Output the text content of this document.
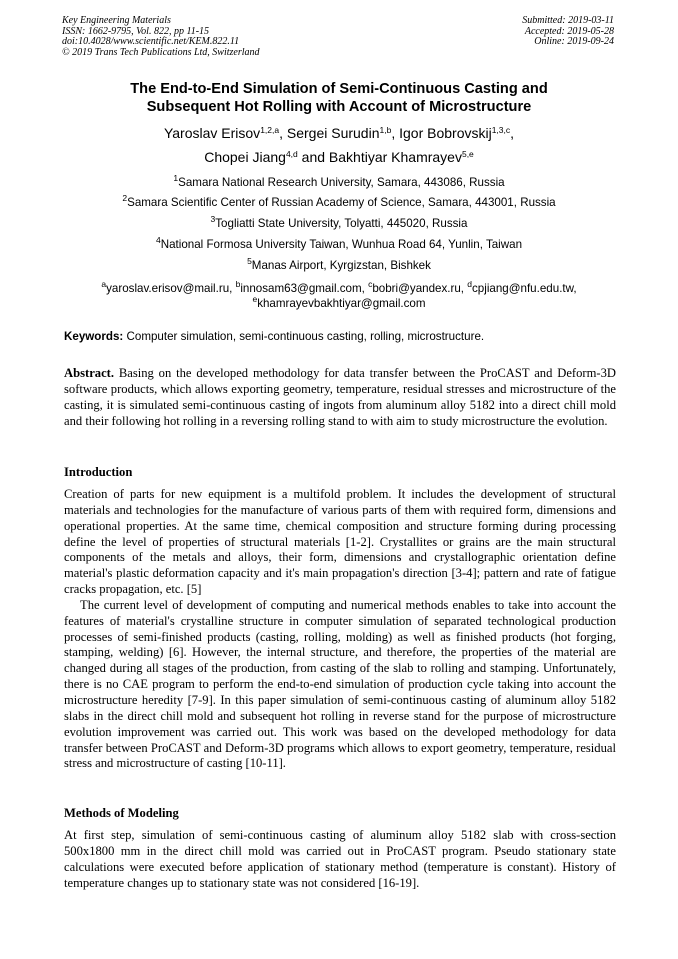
Key Engineering Materials
ISSN: 1662-9795, Vol. 822, pp 11-15
doi:10.4028/www.scientific.net/KEM.822.11
© 2019 Trans Tech Publications Ltd, Switzerland
Submitted: 2019-03-11
Accepted: 2019-05-28
Online: 2019-09-24
The End-to-End Simulation of Semi-Continuous Casting and
Subsequent Hot Rolling with Account of Microstructure
Yaroslav Erisov$^{1,2,a}$, Sergei Surudin$^{1,b}$, Igor Bobrovskij$^{1,3,c}$,
Chopei Jiang$^{4,d}$ and Bakhtiyar Khamrayev$^{5,e}$
$^1$Samara National Research University, Samara, 443086, Russia
$^2$Samara Scientific Center of Russian Academy of Science, Samara, 443001, Russia
$^3$Togliatti State University, Tolyatti, 445020, Russia
$^4$National Formosa University Taiwan, Wunhua Road 64, Yunlin, Taiwan
$^5$Manas Airport, Kyrgizstan, Bishkek
$^a$yaroslav.erisov@mail.ru, $^b$innosam63@gmail.com, $^c$bobri@yandex.ru, $^d$cpjiang@nfu.edu.tw,
$^e$khamrayevbakhtiyar@gmail.com
Keywords: Computer simulation, semi-continuous casting, rolling, microstructure.

Abstract. Basing on the developed methodology for data transfer between the ProCAST and Deform-3D software products, which allows exporting geometry, temperature, residual stresses and microstructure of the casting, it is simulated semi-continuous casting of ingots from aluminum alloy 5182 into a direct chill mold and their following hot rolling in a reversing rolling stand to with aim to study microstructure the evolution.

Introduction

Creation of parts for new equipment is a multifold problem. It includes the development of structural materials and technologies for the manufacture of various parts of them with required form, dimensions and operational properties. At the same time, chemical composition and structure forming during processing define the level of properties of structural materials [1-2]. Crystallites or grains are the main structural components of the metals and alloys, their form, dimensions and crystallographic orientation define material's plastic deformation capacity and it's main propagation's direction [3-4]; pattern and rate of fatigue cracks propagation, etc. [5]

The current level of development of computing and numerical methods enables to take into account the features of material's crystalline structure in computer simulation of separated technological production processes of semi-finished products (casting, rolling, molding) as well as finished products (hot forging, stamping, welding) [6]. However, the internal structure, and therefore, the properties of the material are changed during all stages of the production, from casting of the slab to rolling and stamping. Unfortunately, there is no CAE program to perform the end-to-end simulation of production cycle taking into account the microstructure heredity [7-9]. In this paper simulation of semi-continuous casting of aluminum alloy 5182 slabs in the direct chill mold and subsequent hot rolling in reverse stand for the purpose of microstructure evolution improvement was carried out. This work was based on the developed methodology for data transfer between ProCAST and Deform-3D programs which allows to export geometry, temperature, residual stress and microstructure of casting [10-11].

Methods of Modeling

At first step, simulation of semi-continuous casting of aluminum alloy 5182 slab with cross-section 500x1800 mm in the direct chill mold was carried out in ProCAST program. Pseudo stationary state calculations were executed before application of stationary method (temperature is constant). History of temperature changes up to stationary state was not considered [16-19].
